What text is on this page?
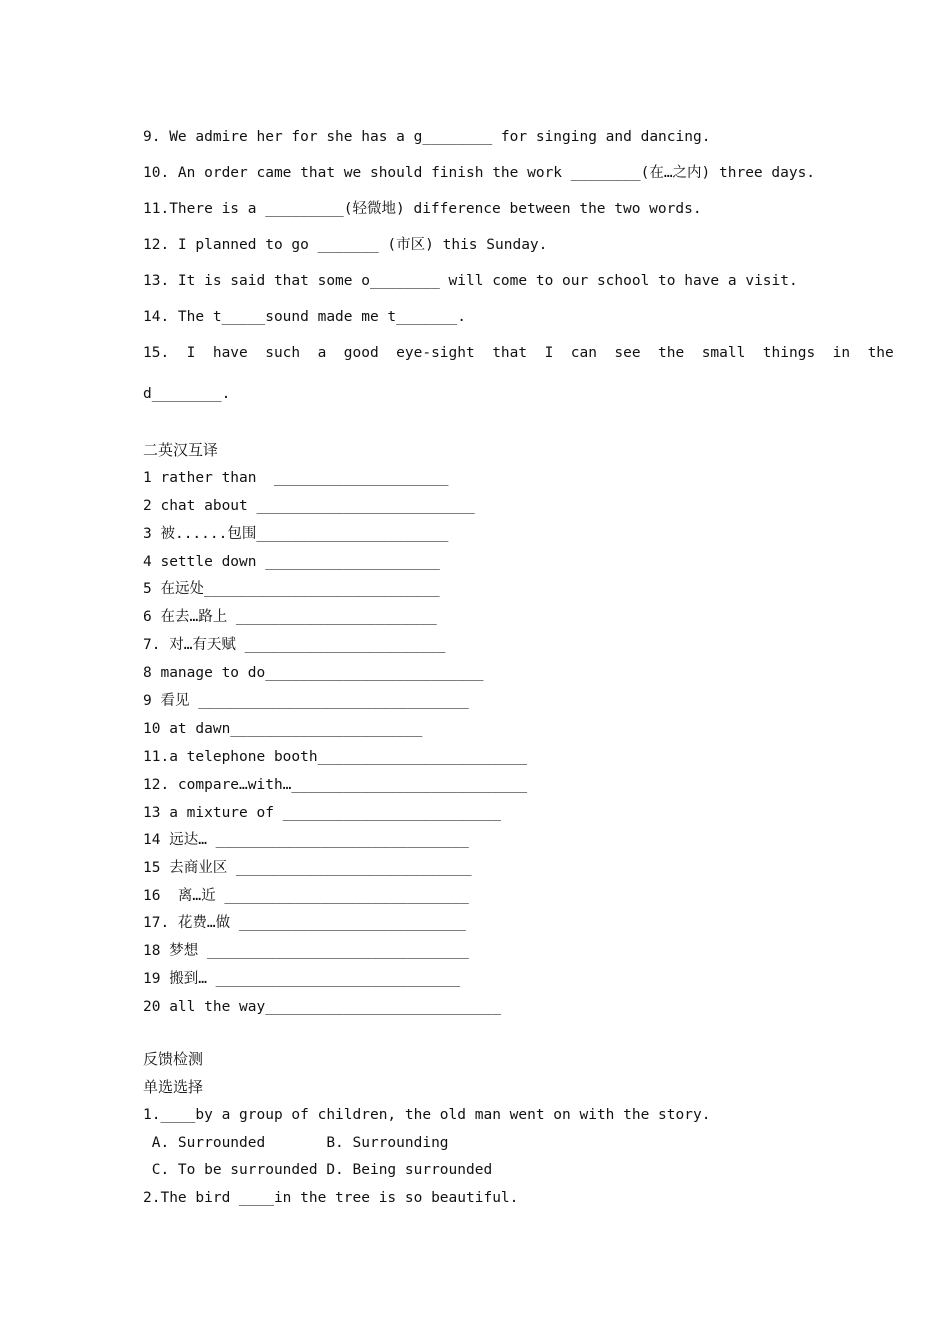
9. We admire her for she has a g________ for singing and dancing.
10. An order came that we should finish the work ________(在…之内) three days.
11.There is a _________(轻微地) difference between the two words.
12. I planned to go _______ (市区) this Sunday.
13. It is said that some o________ will come to our school to have a visit.
14. The t_____sound made me t_______.
15.  I  have  such  a  good  eye-sight  that  I  can  see  the  small  things  in  the
d________.
二英汉互译
1 rather than  ____________________
2 chat about _________________________
3 被......包围______________________
4 settle down ____________________
5 在远处___________________________
6 在去…路上 _______________________
7. 对…有天赋 _______________________
8 manage to do_________________________
9 看见 _______________________________
10 at dawn______________________
11.a telephone booth________________________
12. compare…with…___________________________
13 a mixture of _________________________
14 远达… _____________________________
15 去商业区 ___________________________
16  离…近 ____________________________
17. 花费…做 __________________________
18 梦想 ______________________________
19 搬到… ____________________________
20 all the way___________________________
反馈检测
单选选择
1.____by a group of children, the old man went on with the story.
A. Surrounded       B. Surrounding
C. To be surrounded D. Being surrounded
2.The bird ____in the tree is so beautiful.
